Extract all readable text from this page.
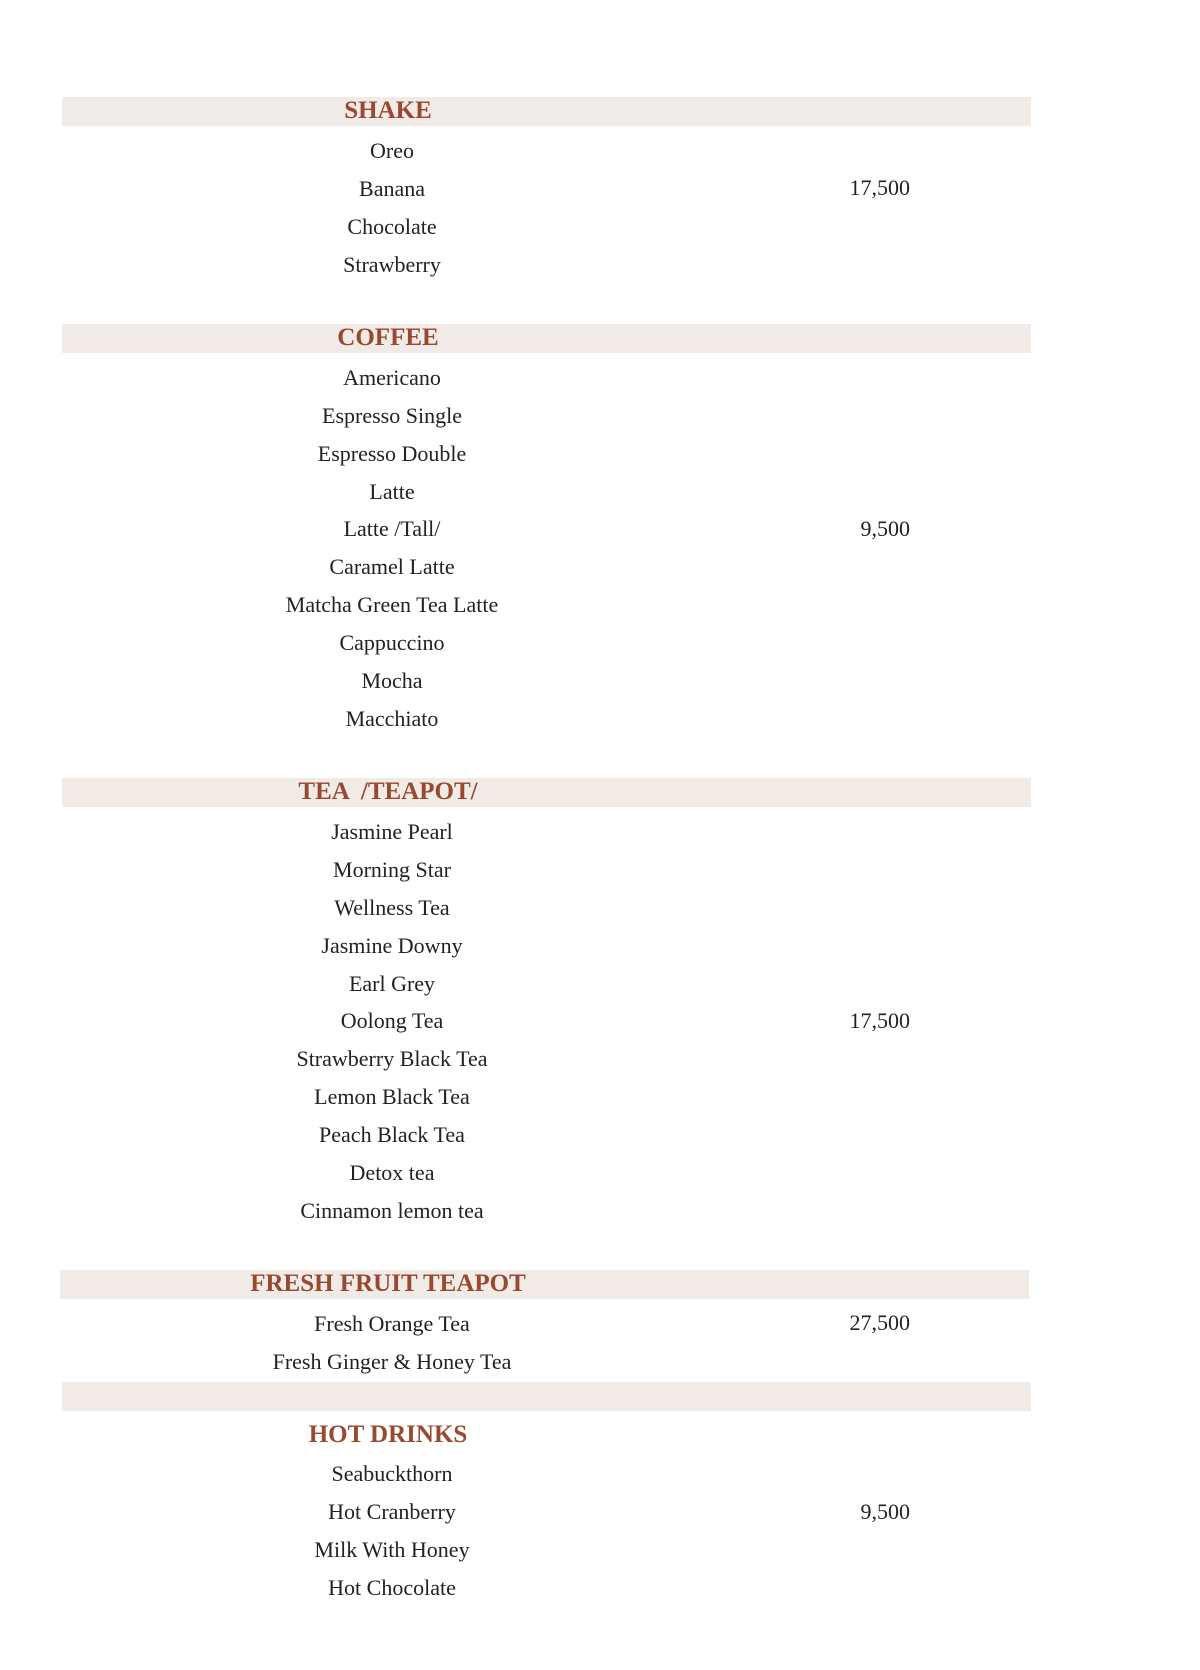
SHAKE
Oreo
Banana
Chocolate
Strawberry
17,500
COFFEE
Americano
Espresso Single
Espresso Double
Latte
Latte /Tall/
Caramel Latte
Matcha Green Tea Latte
Cappuccino
Mocha
Macchiato
9,500
TEA  /TEAPOT/
Jasmine Pearl
Morning Star
Wellness Tea
Jasmine Downy
Earl Grey
Oolong Tea
Strawberry Black Tea
Lemon Black Tea
Peach Black Tea
Detox tea
Cinnamon lemon tea
17,500
FRESH FRUIT TEAPOT
Fresh Orange Tea
Fresh Ginger & Honey Tea
27,500
HOT DRINKS
Seabuckthorn
Hot Cranberry
Milk With Honey
Hot Chocolate
9,500
